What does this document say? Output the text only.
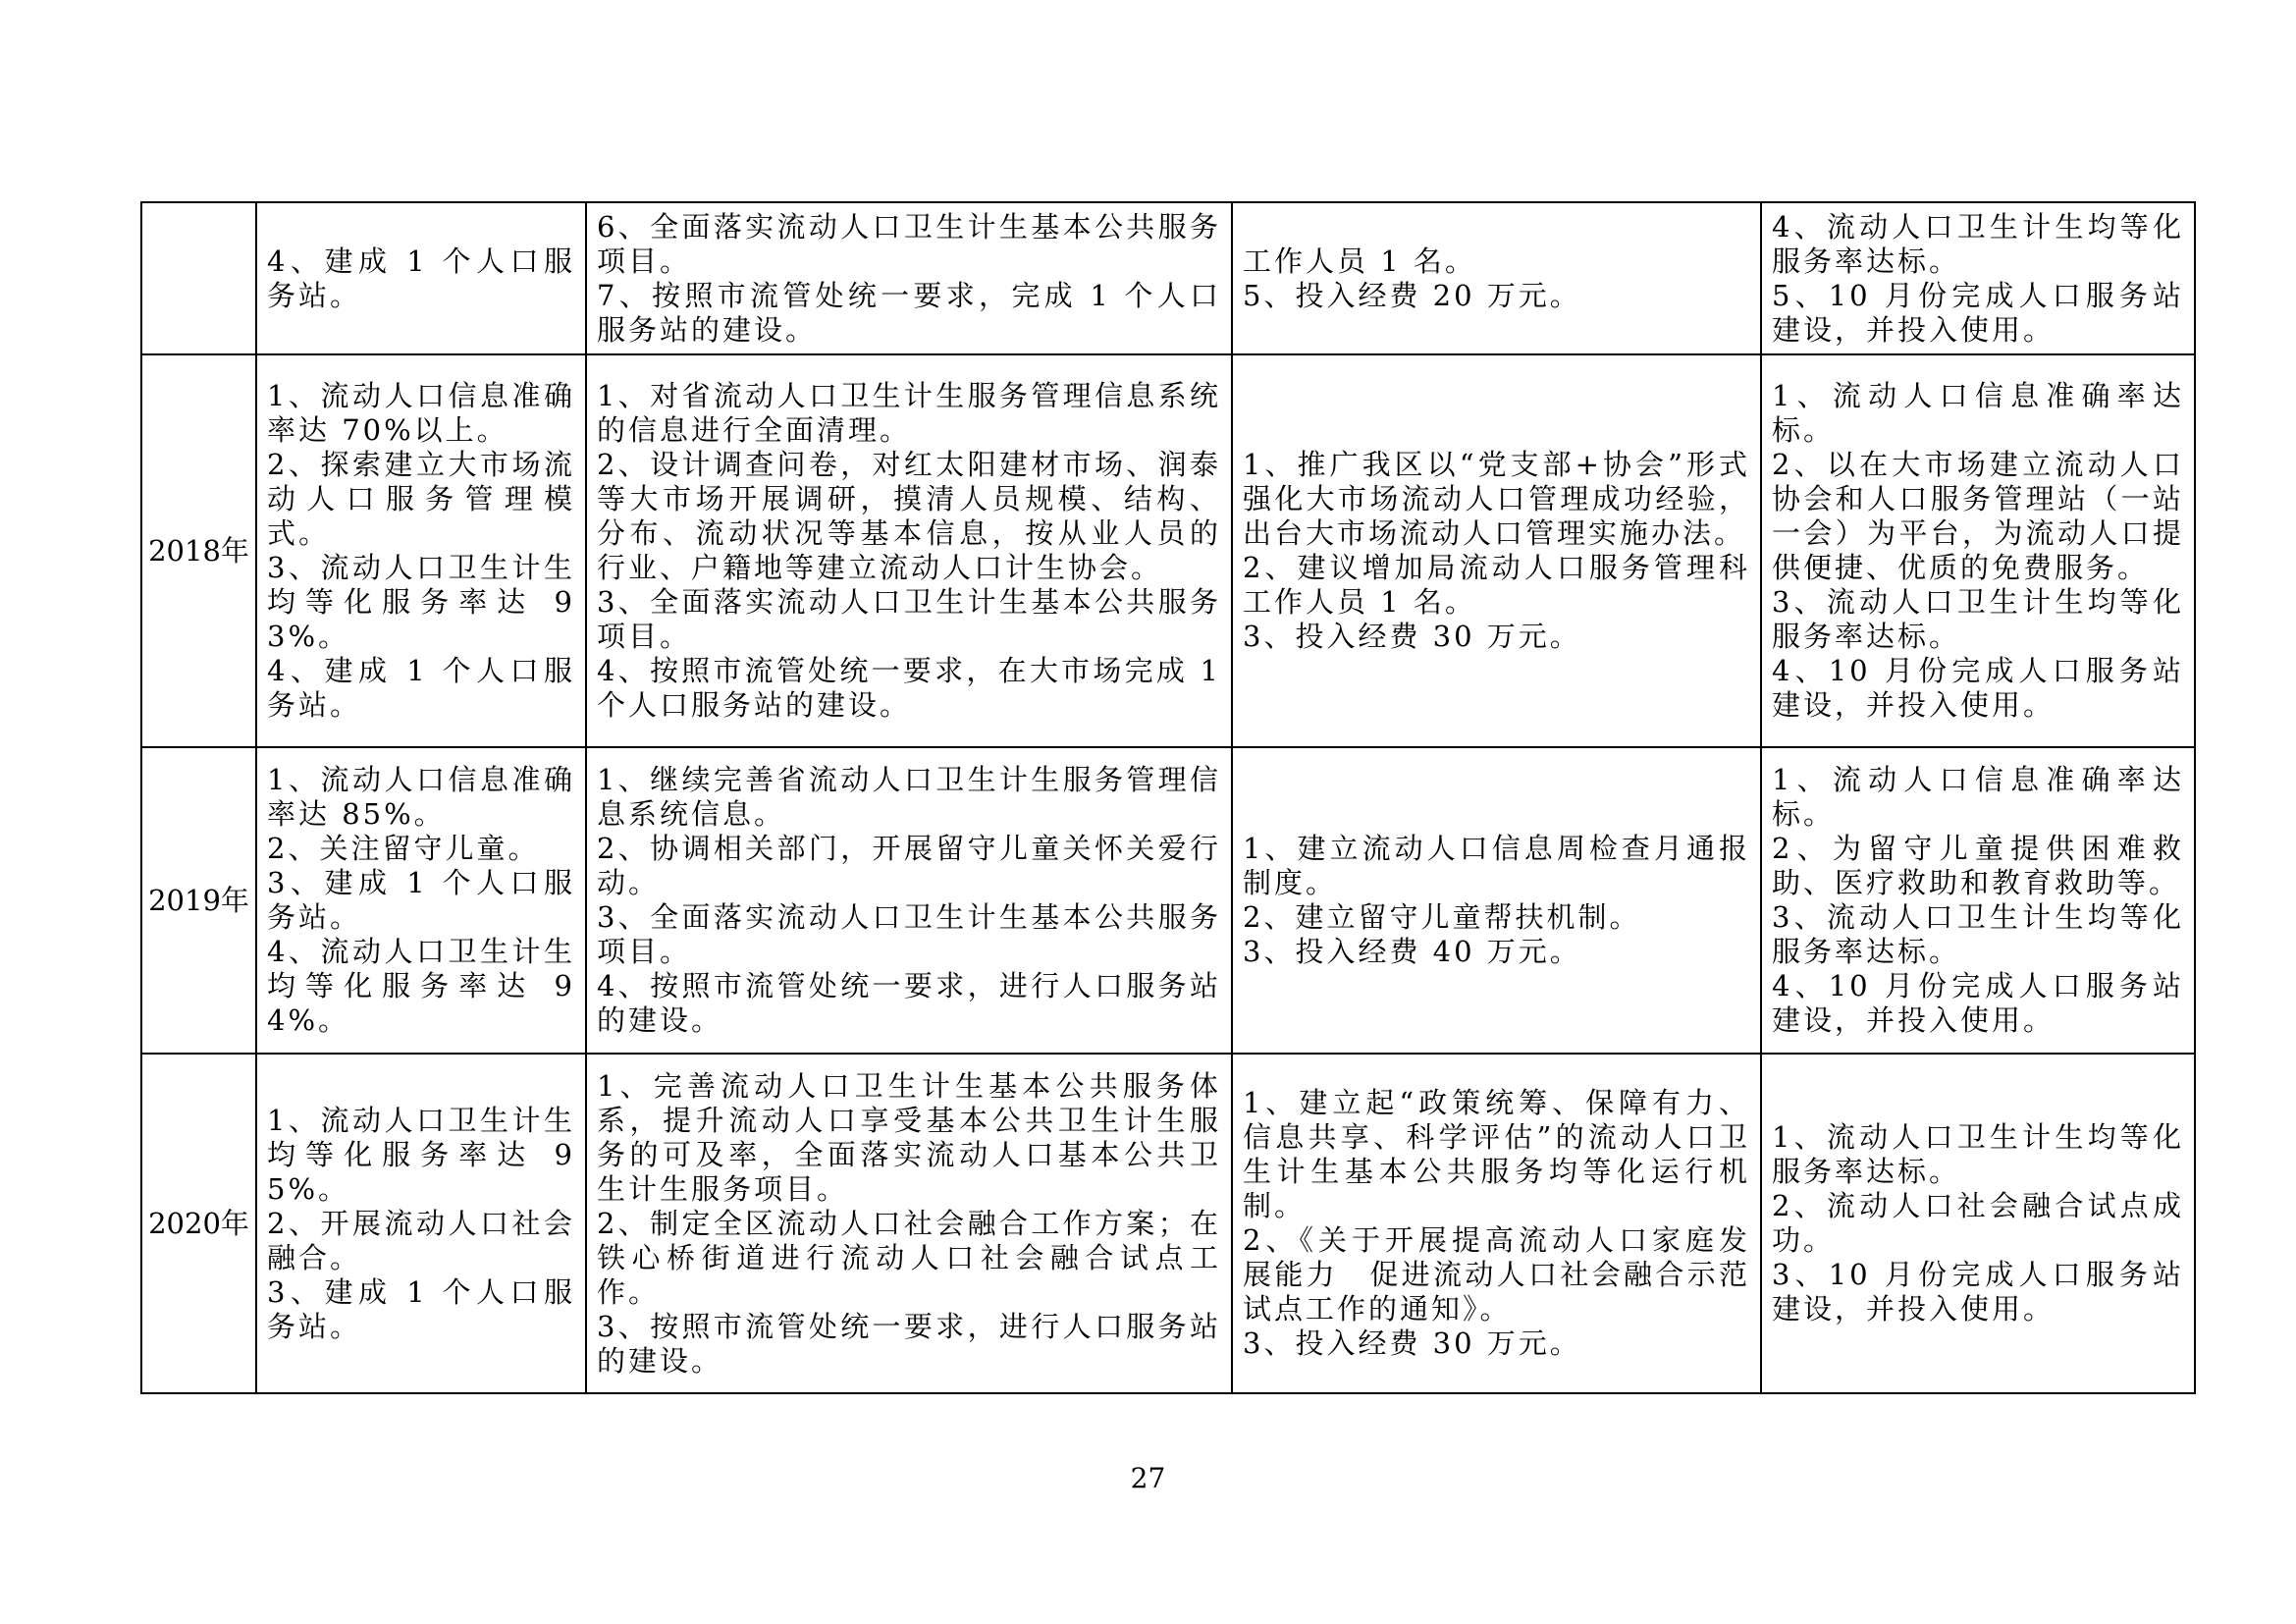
	4、建成 1 个人口服务站。	6、全面落实流动人口卫生计生基本公共服务项目。
7、按照市流管处统一要求，完成 1 个人口服务站的建设。	工作人员 1 名。
5、投入经费 20 万元。	4、流动人口卫生计生均等化服务率达标。
5、10 月份完成人口服务站建设，并投入使用。

2018年	1、流动人口信息准确率达 70%以上。
2、探索建立大市场流动人口服务管理模式。
3、流动人口卫生计生均等化服务率达 93%。
4、建成 1 个人口服务站。	1、对省流动人口卫生计生服务管理信息系统的信息进行全面清理。
2、设计调查问卷，对红太阳建材市场、润泰等大市场开展调研，摸清人员规模、结构、分布、流动状况等基本信息，按从业人员的行业、户籍地等建立流动人口计生协会。
3、全面落实流动人口卫生计生基本公共服务项目。
4、按照市流管处统一要求，在大市场完成 1 个人口服务站的建设。	1、推广我区以“党支部+协会”形式强化大市场流动人口管理成功经验，出台大市场流动人口管理实施办法。
2、建议增加局流动人口服务管理科工作人员 1 名。
3、投入经费 30 万元。	1、流动人口信息准确率达标。
2、以在大市场建立流动人口协会和人口服务管理站（一站一会）为平台，为流动人口提供便捷、优质的免费服务。
3、流动人口卫生计生均等化服务率达标。
4、10 月份完成人口服务站建设，并投入使用。

2019年	1、流动人口信息准确率达 85%。
2、关注留守儿童。
3、建成 1 个人口服务站。
4、流动人口卫生计生均等化服务率达 94%。	1、继续完善省流动人口卫生计生服务管理信息系统信息。
2、协调相关部门，开展留守儿童关怀关爱行动。
3、全面落实流动人口卫生计生基本公共服务项目。
4、按照市流管处统一要求，进行人口服务站的建设。	1、建立流动人口信息周检查月通报制度。
2、建立留守儿童帮扶机制。
3、投入经费 40 万元。	1、流动人口信息准确率达标。
2、为留守儿童提供困难救助、医疗救助和教育救助等。
3、流动人口卫生计生均等化服务率达标。
4、10 月份完成人口服务站建设，并投入使用。

2020年	1、流动人口卫生计生均等化服务率达 95%。
2、开展流动人口社会融合。
3、建成 1 个人口服务站。	1、完善流动人口卫生计生基本公共服务体系，提升流动人口享受基本公共卫生计生服务的可及率，全面落实流动人口基本公共卫生计生服务项目。
2、制定全区流动人口社会融合工作方案；在铁心桥街道进行流动人口社会融合试点工作。
3、按照市流管处统一要求，进行人口服务站的建设。	1、建立起“政策统筹、保障有力、信息共享、科学评估”的流动人口卫生计生基本公共服务均等化运行机制。
2、《关于开展提高流动人口家庭发展能力　促进流动人口社会融合示范试点工作的通知》。
3、投入经费 30 万元。	1、流动人口卫生计生均等化服务率达标。
2、流动人口社会融合试点成功。
3、10 月份完成人口服务站建设，并投入使用。
27
